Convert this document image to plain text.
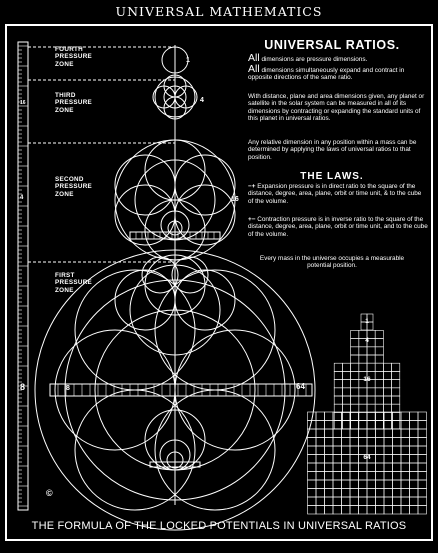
UNIVERSAL MATHEMATICS
FOURTH
PRESSURE
ZONE
THIRD
PRESSURE
ZONE
SECOND
PRESSURE
ZONE
FIRST
PRESSURE
ZONE
1
4
16
64
8
8
4
16
©
UNIVERSAL RATIOS.
All dimensions are pressure dimensions.
All dimensions simultaneously expand and contract in opposite directions of the same ratio.
With distance, plane and area dimensions given, any planet or satellite in the solar system can be measured in all of its dimensions by contracting or expanding the standard units of this planet in universal ratios.
Any relative dimension in any position within a mass can be determined by applying the laws of universal ratios to that position.
THE LAWS.
−+ Expansion pressure is in direct ratio to the square of the distance, degree, area, plane, orbit or time unit, & to the cube of the volume.
+− Contraction pressure is in inverse ratio to the square of the distance, degree, area, plane, orbit or time unit, and to the cube of the volume.
Every mass in the universe occupies a measurable potential position.
1
4
16
64
THE FORMULA OF THE LOCKED POTENTIALS IN UNIVERSAL RATIOS
